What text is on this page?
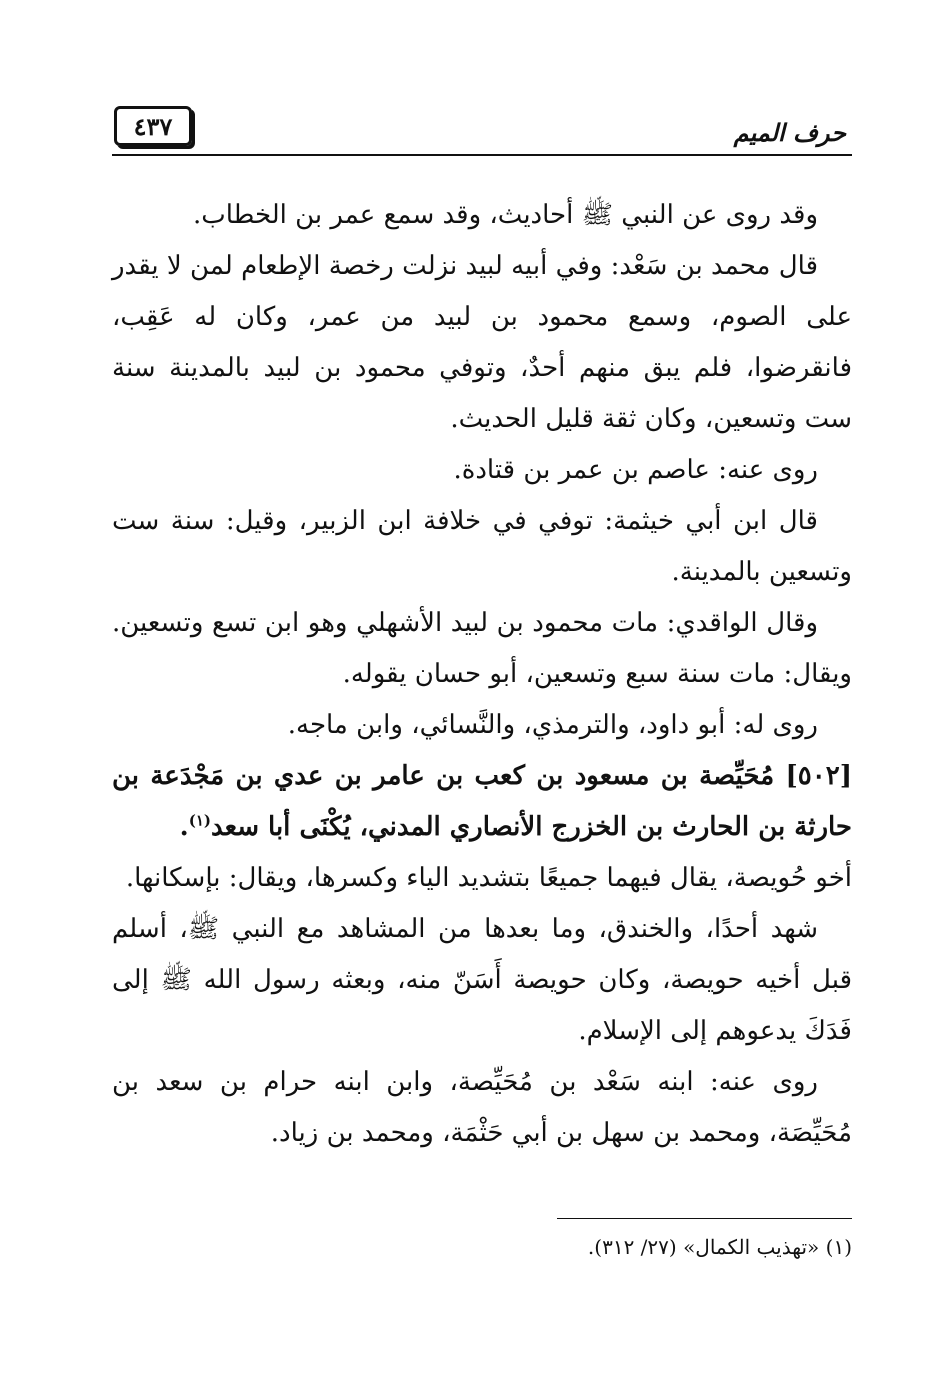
٤٣٧	حرف الميم

وقد روى عن النبي ﷺ أحاديث، وقد سمع عمر بن الخطاب.

قال محمد بن سَعْد: وفي أبيه لبيد نزلت رخصة الإطعام لمن لا يقدر على الصوم، وسمع محمود بن لبيد من عمر، وكان له عَقِب، فانقرضوا، فلم يبق منهم أحدٌ، وتوفي محمود بن لبيد بالمدينة سنة ست وتسعين، وكان ثقة قليل الحديث.

روى عنه: عاصم بن عمر بن قتادة.

قال ابن أبي خيثمة: توفي في خلافة ابن الزبير، وقيل: سنة ست وتسعين بالمدينة.

وقال الواقدي: مات محمود بن لبيد الأشهلي وهو ابن تسع وتسعين. ويقال: مات سنة سبع وتسعين، أبو حسان يقوله.

روى له: أبو داود، والترمذي، والنَّسائي، وابن ماجه.

[٥٠٢] مُحَيِّصة بن مسعود بن كعب بن عامر بن عدي بن مَجْدَعة بن حارثة بن الحارث بن الخزرج الأنصاري المدني، يُكْنَى أبا سعد$^{(١)}$.

أخو حُويصة، يقال فيهما جميعًا بتشديد الياء وكسرها، ويقال: بإسكانها.

شهد أحدًا، والخندق، وما بعدها من المشاهد مع النبي ﷺ، أسلم قبل أخيه حويصة، وكان حويصة أَسَنّ منه، وبعثه رسول الله ﷺ إلى فَدَكَ يدعوهم إلى الإسلام.

روى عنه: ابنه سَعْد بن مُحَيِّصة، وابن ابنه حرام بن سعد بن مُحَيِّصَة، ومحمد بن سهل بن أبي حَثْمَة، ومحمد بن زياد.

(١) «تهذيب الكمال» (٢٧/ ٣١٢).
